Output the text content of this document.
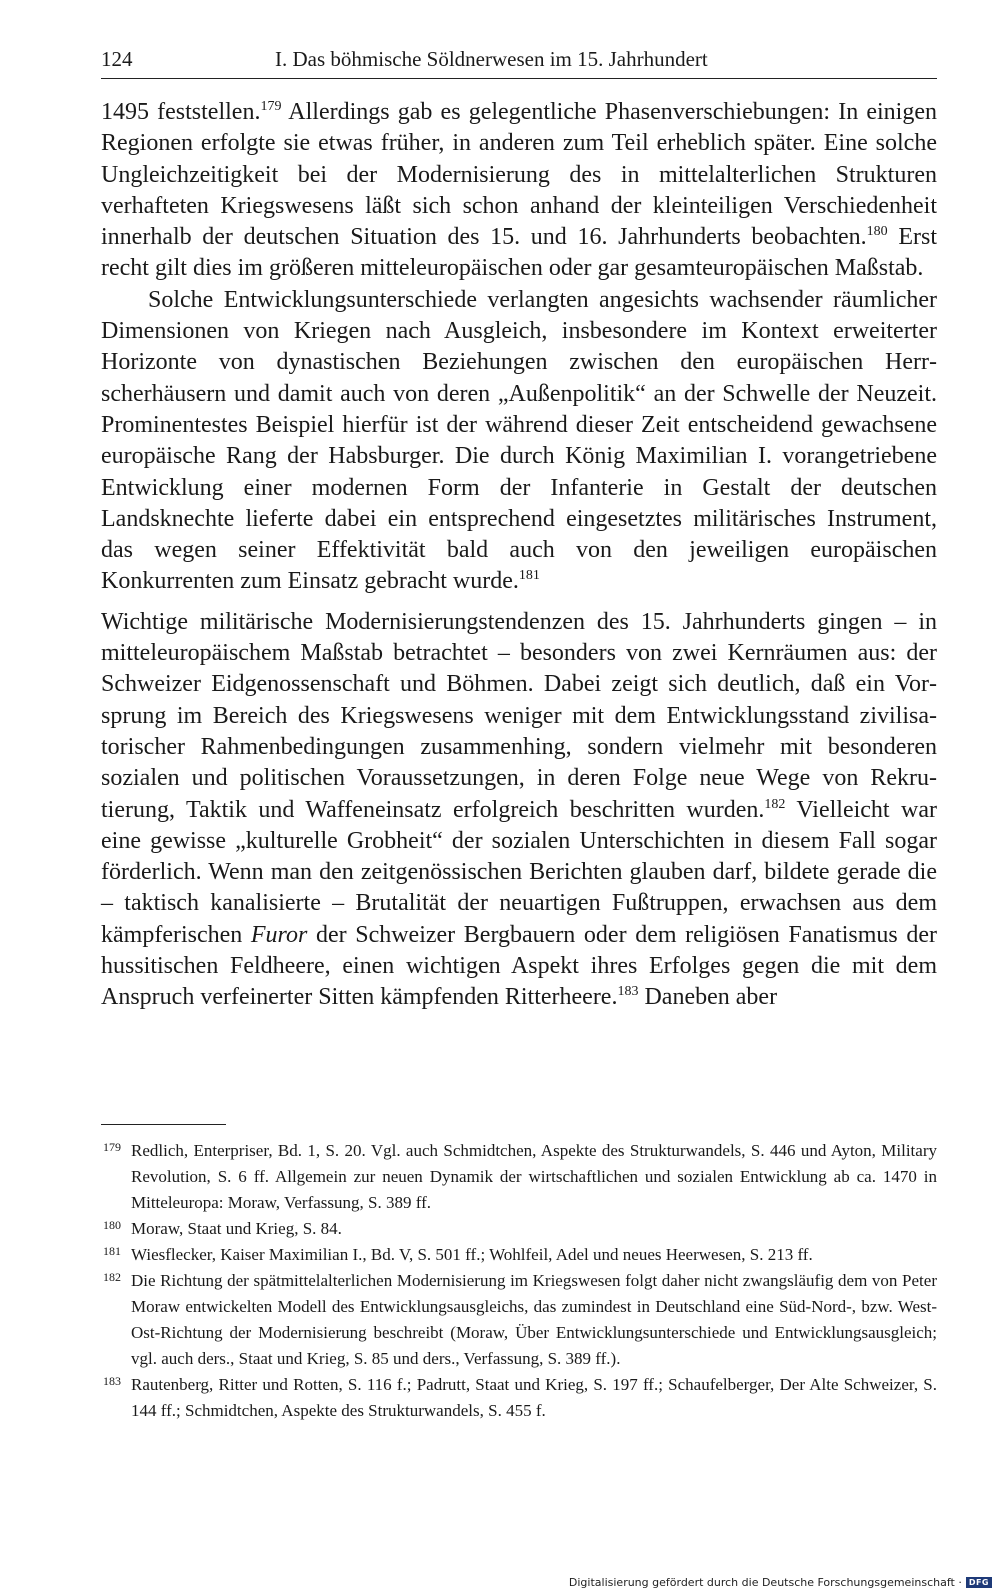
124	I. Das böhmische Söldnerwesen im 15. Jahrhundert

1495 feststellen.$^{179}$ Allerdings gab es gelegentliche Phasenverschiebungen: In einigen Regionen erfolgte sie etwas früher, in anderen zum Teil erheblich später. Eine solche Ungleichzeitigkeit bei der Modernisierung des in mittelalterlichen Strukturen verhafteten Kriegswesens läßt sich schon anhand der kleinteiligen Verschiedenheit innerhalb der deutschen Situation des 15. und 16. Jahrhunderts beobachten.$^{180}$ Erst recht gilt dies im größeren mitteleuropäischen oder gar gesamteuropäischen Maßstab.

Solche Entwicklungsunterschiede verlangten angesichts wachsender räumlicher Dimensionen von Kriegen nach Ausgleich, insbesondere im Kontext erweiterter Horizonte von dynastischen Beziehungen zwischen den europäischen Herrscherhäusern und damit auch von deren „Außenpolitik“ an der Schwelle der Neuzeit. Prominentestes Beispiel hierfür ist der während dieser Zeit entscheidend gewachsene europäische Rang der Habsburger. Die durch König Maximilian I. vorangetriebene Entwicklung einer modernen Form der Infanterie in Gestalt der deutschen Landsknechte lieferte dabei ein entsprechend eingesetztes militärisches Instrument, das wegen seiner Effektivität bald auch von den jeweiligen europäischen Konkurrenten zum Einsatz gebracht wurde.$^{181}$

Wichtige militärische Modernisierungstendenzen des 15. Jahrhunderts gingen – in mitteleuropäischem Maßstab betrachtet – besonders von zwei Kernräumen aus: der Schweizer Eidgenossenschaft und Böhmen. Dabei zeigt sich deutlich, daß ein Vorsprung im Bereich des Kriegswesens weniger mit dem Entwicklungsstand zivilisatorischer Rahmenbedingungen zusammenhing, sondern vielmehr mit besonderen sozialen und politischen Voraussetzungen, in deren Folge neue Wege von Rekrutierung, Taktik und Waffeneinsatz erfolgreich beschritten wurden.$^{182}$ Vielleicht war eine gewisse „kulturelle Grobheit“ der sozialen Unterschichten in diesem Fall sogar förderlich. Wenn man den zeitgenössischen Berichten glauben darf, bildete gerade die – taktisch kanalisierte – Brutalität der neuartigen Fußtruppen, erwachsen aus dem kämpferischen Furor der Schweizer Bergbauern oder dem religiösen Fanatismus der hussitischen Feldheere, einen wichtigen Aspekt ihres Erfolges gegen die mit dem Anspruch verfeinerter Sitten kämpfenden Ritterheere.$^{183}$ Daneben aber

179 Redlich, Enterpriser, Bd. 1, S. 20. Vgl. auch Schmidtchen, Aspekte des Strukturwandels, S. 446 und Ayton, Military Revolution, S. 6 ff. Allgemein zur neuen Dynamik der wirtschaftlichen und sozialen Entwicklung ab ca. 1470 in Mitteleuropa: Moraw, Verfassung, S. 389 ff.
180 Moraw, Staat und Krieg, S. 84.
181 Wiesflecker, Kaiser Maximilian I., Bd. V, S. 501 ff.; Wohlfeil, Adel und neues Heerwesen, S. 213 ff.
182 Die Richtung der spätmittelalterlichen Modernisierung im Kriegswesen folgt daher nicht zwangsläufig dem von Peter Moraw entwickelten Modell des Entwicklungsausgleichs, das zumindest in Deutschland eine Süd-Nord-, bzw. West-Ost-Richtung der Modernisierung beschreibt (Moraw, Über Entwicklungsunterschiede und Entwicklungsausgleich; vgl. auch ders., Staat und Krieg, S. 85 und ders., Verfassung, S. 389 ff.).
183 Rautenberg, Ritter und Rotten, S. 116 f.; Padrutt, Staat und Krieg, S. 197 ff.; Schaufelberger, Der Alte Schweizer, S. 144 ff.; Schmidtchen, Aspekte des Strukturwandels, S. 455 f.
Digitalisierung gefördert durch die Deutsche Forschungsgemeinschaft · DFG
